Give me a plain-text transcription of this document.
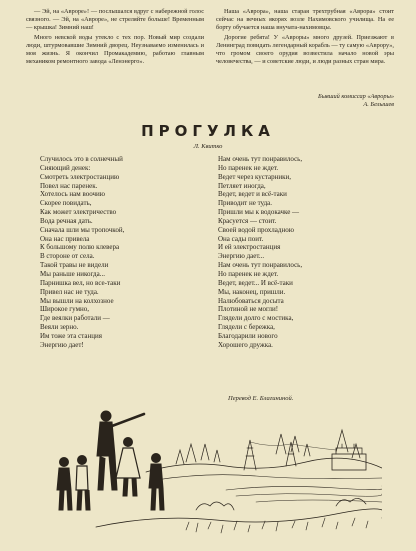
— Эй, на «Авроре»! — послышался вдруг с набережной голос связного. — Эй, на «Авроре», не стреляйте больше! Временным — крышка! Зимний наш!

Много невской воды утекло с тех пор. Новый мир создали люди, штурмовавшие Зимний дворец. Неузнаваемо изменилась и моя жизнь. Я окончил Промакадемию, работаю главным механиком ремонтного завода «Ленэнерго».

Наша «Аврора», наша старая трехтрубная «Аврора» стоит сейчас на вечных якорях возле Нахимовского училища. На ее борту обучается наша внучата-нахимовцы.

Дорогие ребята! У «Авроры» много друзей. Приезжают в Ленинград повидать легендарный корабль — ту самую «Аврору», что громом своего орудия возвестила начало новой эры человечества, — и советские люди, и люди разных стран мира.

Бывший комиссар «Авроры»
А. Белышев
ПРОГУЛКА
Л. Квитко
Случилось это в солнечный
Сияющий денек:
Смотреть электростанцию
Повел нас паренек.
Хотелось нам воочию
Скорее повидать,
Как может электричество
Вода речная дать.
Сначала шли мы тропочкой,
Она нас привела
К большому полю клевера
В стороне от села.
Такой травы не видели
Мы раньше никогда...
Парнишка вел, но все-таки
Привел нас не туда.
Мы вышли на колхозное
Широкое гумно,
Где веялки работали —
Веяли зерно.
Им тоже эта станция
Энергию дает!
Нам очень тут понравилось,
Но паренек не ждет.
Ведет через кустарники,
Петляет иногда,
Ведет, ведет и всё-таки
Приводит не туда.
Пришли мы к водокачке —
Красуется — стоит.
Своей водой прохладною
Она сады поит.
И ей электростанция
Энергию дает...
Нам очень тут понравилось,
Но паренек не ждет.
Ведет, ведет... И всё-таки
Мы, наконец, пришли.
Налюбоваться досыта
Плотиной не могли!
Глядели долго с мостика,
Глядели с бережка,
Благодарили нового
Хорошего дружка.
Перевод Е. Благининой.
